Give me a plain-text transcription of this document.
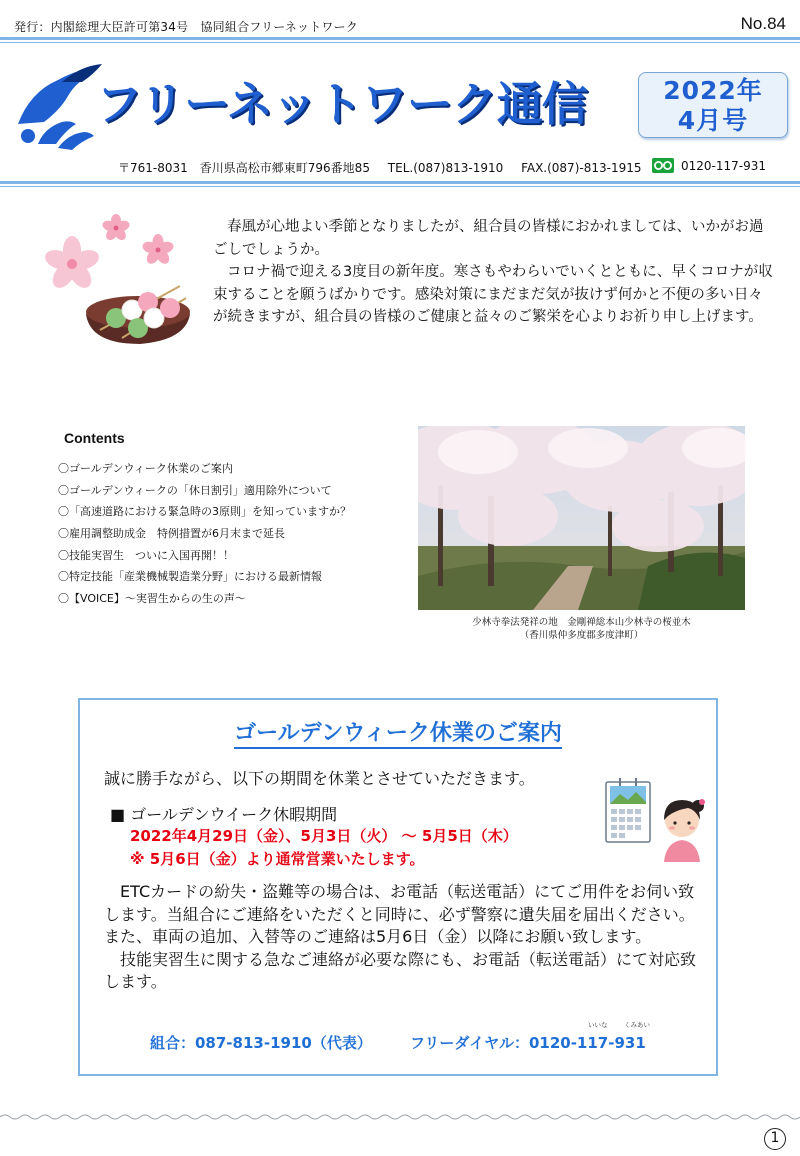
発行：内閣総理大臣許可第34号　協同組合フリーネットワーク	No.84
フリーネットワーク通信	2022年
4月号
〒761-8031　香川県高松市郷東町796番地85 TEL.(087)813-1910 FAX.(087)-813-1915	0120-117-931

春風が心地よい季節となりましたが、組合員の皆様におかれましては、いかがお過ごしでしょうか。

コロナ禍で迎える3度目の新年度。寒さもやわらいでいくとともに、早くコロナが収束することを願うばかりです。感染対策にまだまだ気が抜けず何かと不便の多い日々が続きますが、組合員の皆様のご健康と益々のご繁栄を心よりお祈り申し上げます。

Contents
〇ゴールデンウィーク休業のご案内
〇ゴールデンウィークの「休日割引」適用除外について
〇「高速道路における緊急時の3原則」を知っていますか？
〇雇用調整助成金　特例措置が6月末まで延長
〇技能実習生　ついに入国再開！！
〇特定技能「産業機械製造業分野」における最新情報
〇【VOICE】～実習生からの生の声～
少林寺拳法発祥の地　金剛禅総本山少林寺の桜並木
（香川県仲多度郡多度津町）
ゴールデンウィーク休業のご案内
誠に勝手ながら、以下の期間を休業とさせていただきます。
■ ゴールデンウイーク休暇期間
2022年4月29日（金）、5月3日（火） ～ 5月5日（木）
※ 5月6日（金）より通常営業いたします。

ETCカードの紛失・盗難等の場合は、お電話（転送電話）にてご用件をお伺い致します。当組合にご連絡をいただくと同時に、必ず警察に遺失届を届出ください。また、車両の追加、入替等のご連絡は5月6日（金）以降にお願い致します。

技能実習生に関する急なご連絡が必要な際にも、お電話（転送電話）にて対応致します。

いいな	くみあい
組合：087-813-1910（代表）	フリーダイヤル：0120-117-931
1
